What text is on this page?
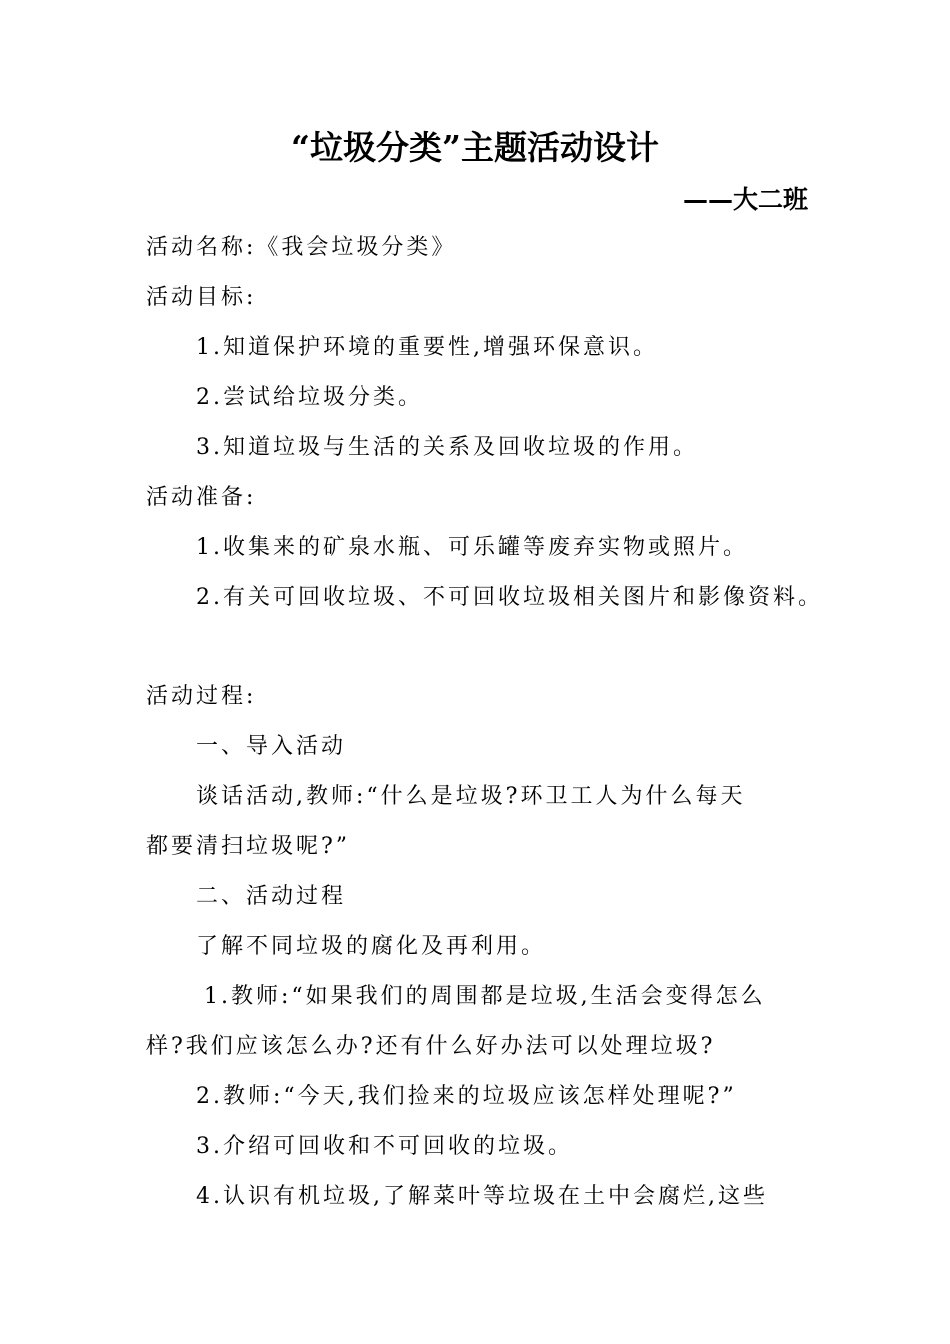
“垃圾分类”主题活动设计
——大二班
活动名称:《我会垃圾分类》
活动目标:
1.知道保护环境的重要性,增强环保意识。
2.尝试给垃圾分类。
3.知道垃圾与生活的关系及回收垃圾的作用。
活动准备:
1.收集来的矿泉水瓶、可乐罐等废弃实物或照片。
2.有关可回收垃圾、不可回收垃圾相关图片和影像资料。
活动过程:
一、导入活动
谈话活动,教师:“什么是垃圾?环卫工人为什么每天
都要清扫垃圾呢?”
二、活动过程
了解不同垃圾的腐化及再利用。
1.教师:“如果我们的周围都是垃圾,生活会变得怎么
样?我们应该怎么办?还有什么好办法可以处理垃圾?
2.教师:“今天,我们捡来的垃圾应该怎样处理呢?”
3.介绍可回收和不可回收的垃圾。
4.认识有机垃圾,了解菜叶等垃圾在土中会腐烂,这些
